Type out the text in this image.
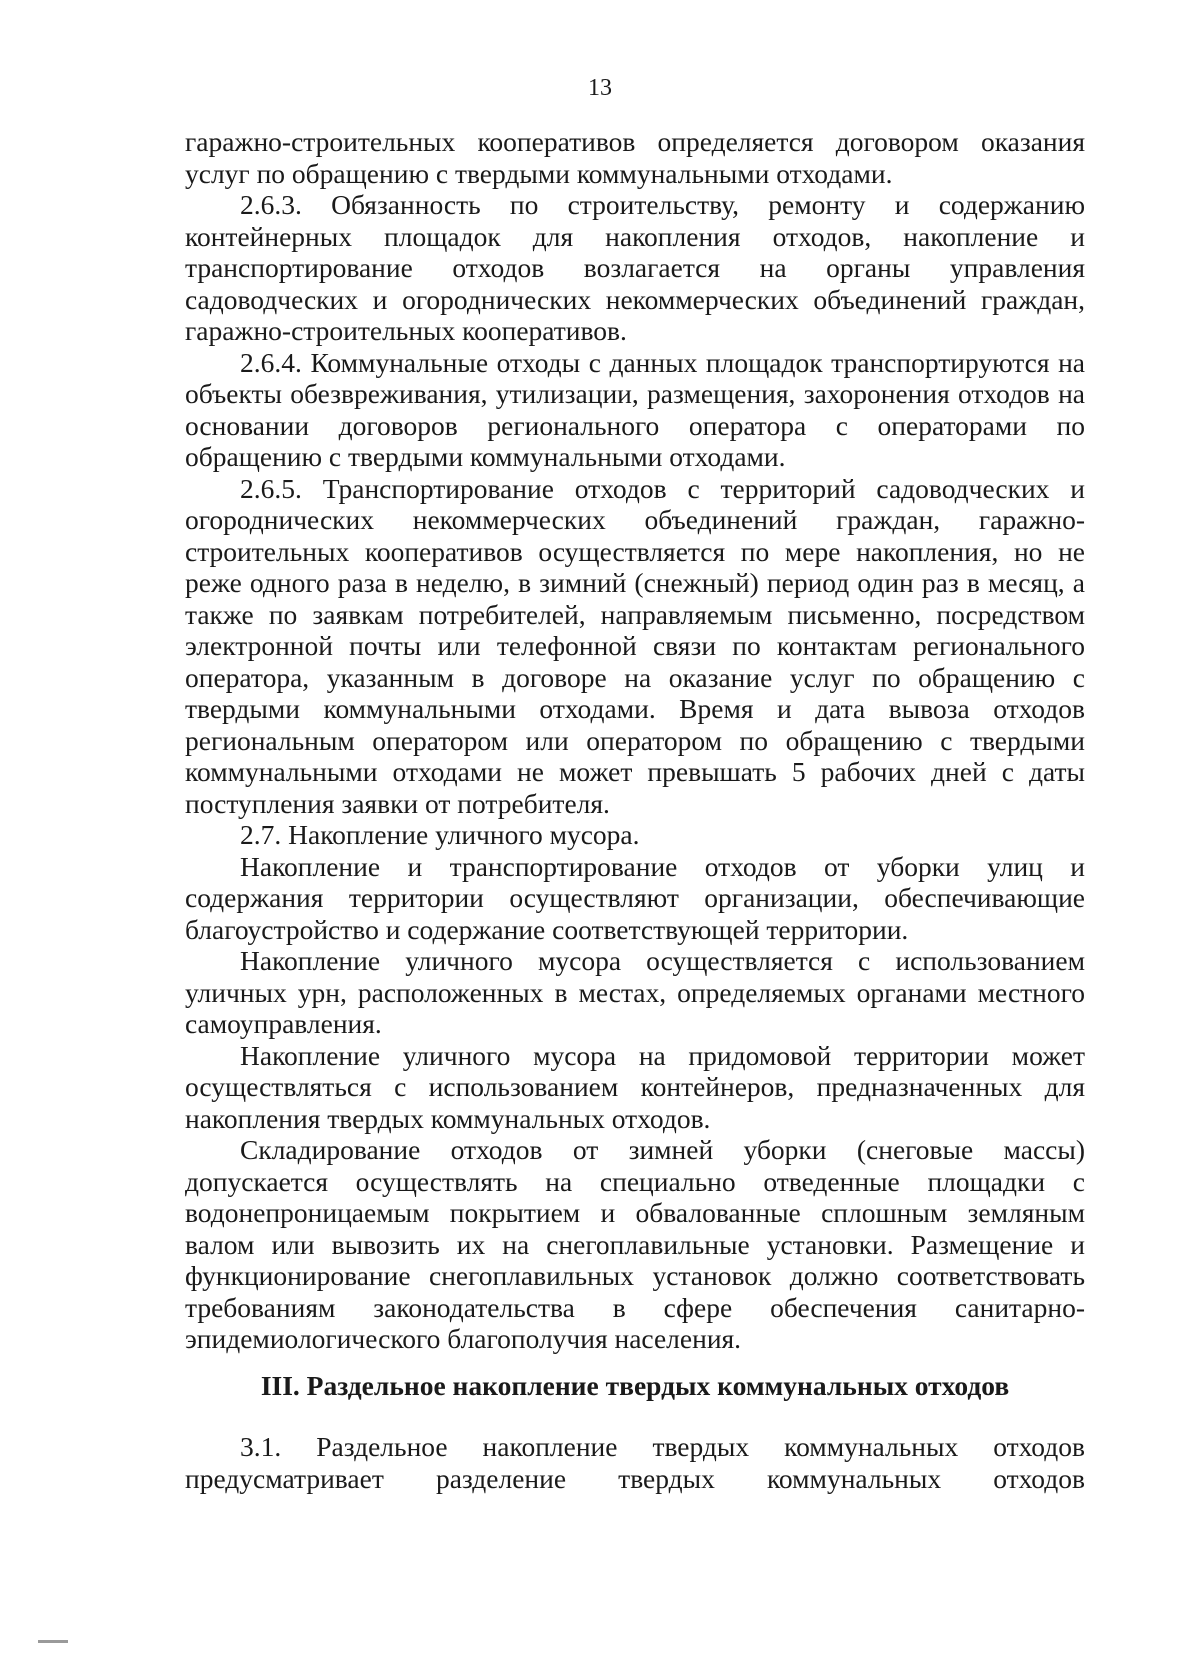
13

гаражно-строительных кооперативов определяется договором оказания услуг по обращению с твердыми коммунальными отходами.

2.6.3. Обязанность по строительству, ремонту и содержанию контейнерных площадок для накопления отходов, накопление и транспортирование отходов возлагается на органы управления садоводческих и огороднических некоммерческих объединений граждан, гаражно-строительных кооперативов.

2.6.4. Коммунальные отходы с данных площадок транспортируются на объекты обезвреживания, утилизации, размещения, захоронения отходов на основании договоров регионального оператора с операторами по обращению с твердыми коммунальными отходами.

2.6.5. Транспортирование отходов с территорий садоводческих и огороднических некоммерческих объединений граждан, гаражно-строительных кооперативов осуществляется по мере накопления, но не реже одного раза в неделю, в зимний (снежный) период один раз в месяц, а также по заявкам потребителей, направляемым письменно, посредством электронной почты или телефонной связи по контактам регионального оператора, указанным в договоре на оказание услуг по обращению с твердыми коммунальными отходами. Время и дата вывоза отходов региональным оператором или оператором по обращению с твердыми коммунальными отходами не может превышать 5 рабочих дней с даты поступления заявки от потребителя.

2.7. Накопление уличного мусора.

Накопление и транспортирование отходов от уборки улиц и содержания территории осуществляют организации, обеспечивающие благоустройство и содержание соответствующей территории.

Накопление уличного мусора осуществляется с использованием уличных урн, расположенных в местах, определяемых органами местного самоуправления.

Накопление уличного мусора на придомовой территории может осуществляться с использованием контейнеров, предназначенных для накопления твердых коммунальных отходов.

Складирование отходов от зимней уборки (снеговые массы) допускается осуществлять на специально отведенные площадки с водонепроницаемым покрытием и обвалованные сплошным земляным валом или вывозить их на снегоплавильные установки. Размещение и функционирование снегоплавильных установок должно соответствовать требованиям законодательства в сфере обеспечения санитарно-эпидемиологического благополучия населения.

III. Раздельное накопление твердых коммунальных отходов

3.1. Раздельное накопление твердых коммунальных отходов предусматривает разделение твердых коммунальных отходов
